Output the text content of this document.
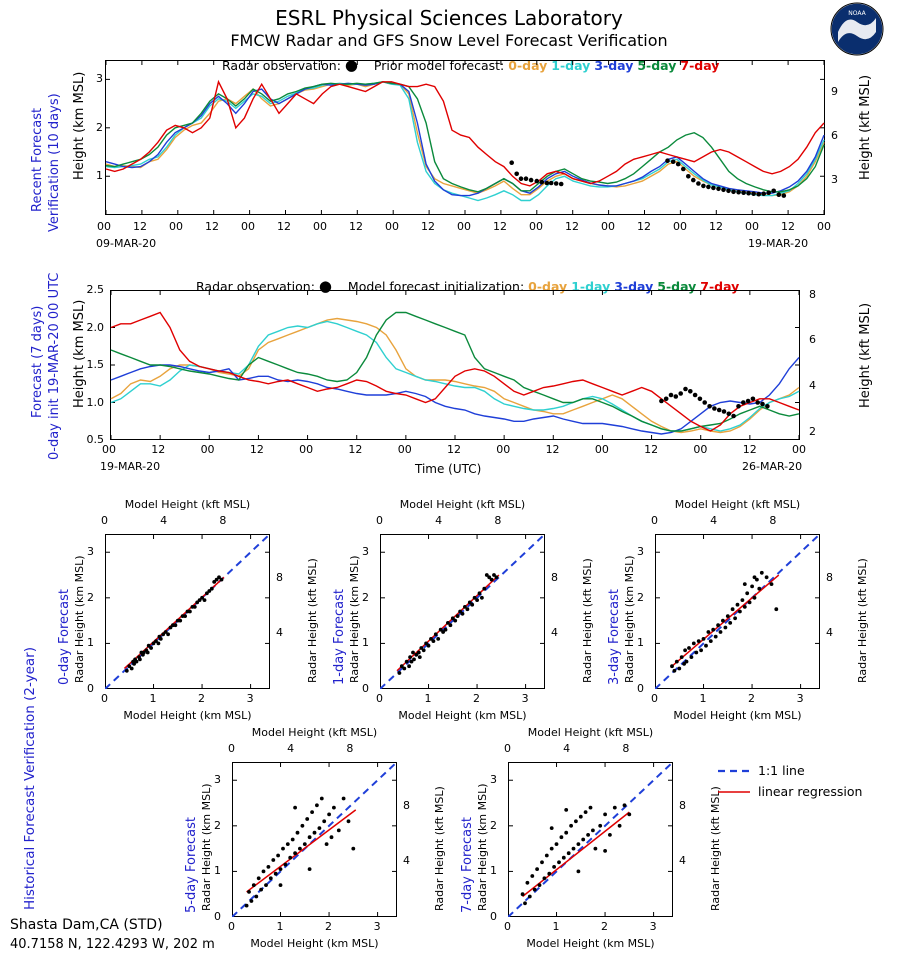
ESRL Physical Sciences Laboratory
FMCW Radar and GFS Snow Level Forecast Verification
NOAA
Recent Forecast Verification (10 days) Height (km MSL)	Height (kft MSL)
Radar observation: ● Prior model forecast: 0-day 1-day 3-day 5-day 7-day
00 12 00 12 00 12 00 12 00 12 00 12 00 12 00 12 00 12 00 12 00
09-MAR-20	19-MAR-20
1
2
3
3
6
9
Forecast (7 days) 0-day init 19-MAR-20 00 UTC Height (km MSL)	Height (kft MSL)
Radar observation: ● Model forecast initialization: 0-day 1-day 3-day 5-day 7-day
00	12	00	12	00	12	00	12	00	12	00	12	00	12	00
19-MAR-20	26-MAR-20
Time (UTC)
0.5
1.0
1.5
2.0
2.5
2
4
6
8
Historical Forecast Verification (2-year)
Model Height (kft MSL)
0	4	8
0	1	2	3
0
1
2
3
4
8
Model Height (km MSL)
Radar Height (km MSL)	Radar Height (kft MSL)
0-day Forecast
Model Height (kft MSL)
0	4	8
0	1	2	3
0
1
2
3
4
8
Model Height (km MSL)
Radar Height (km MSL)	Radar Height (kft MSL)
1-day Forecast
Model Height (kft MSL)
0	4	8
0	1	2	3
0
1
2
3
4
8
Model Height (km MSL)
Radar Height (km MSL)	Radar Height (kft MSL)
3-day Forecast
Model Height (kft MSL)
0	4	8
0	1	2	3
0
1
2
3
4
8
Model Height (km MSL)
Radar Height (km MSL)	Radar Height (kft MSL)
5-day Forecast
Model Height (kft MSL)
0	4	8
0	1	2	3
0
1
2
3
4
8
Model Height (km MSL)
Radar Height (km MSL)	Radar Height (kft MSL)
7-day Forecast
1:1 line
linear regression
Shasta Dam,CA (STD)
40.7158 N, 122.4293 W, 202 m
